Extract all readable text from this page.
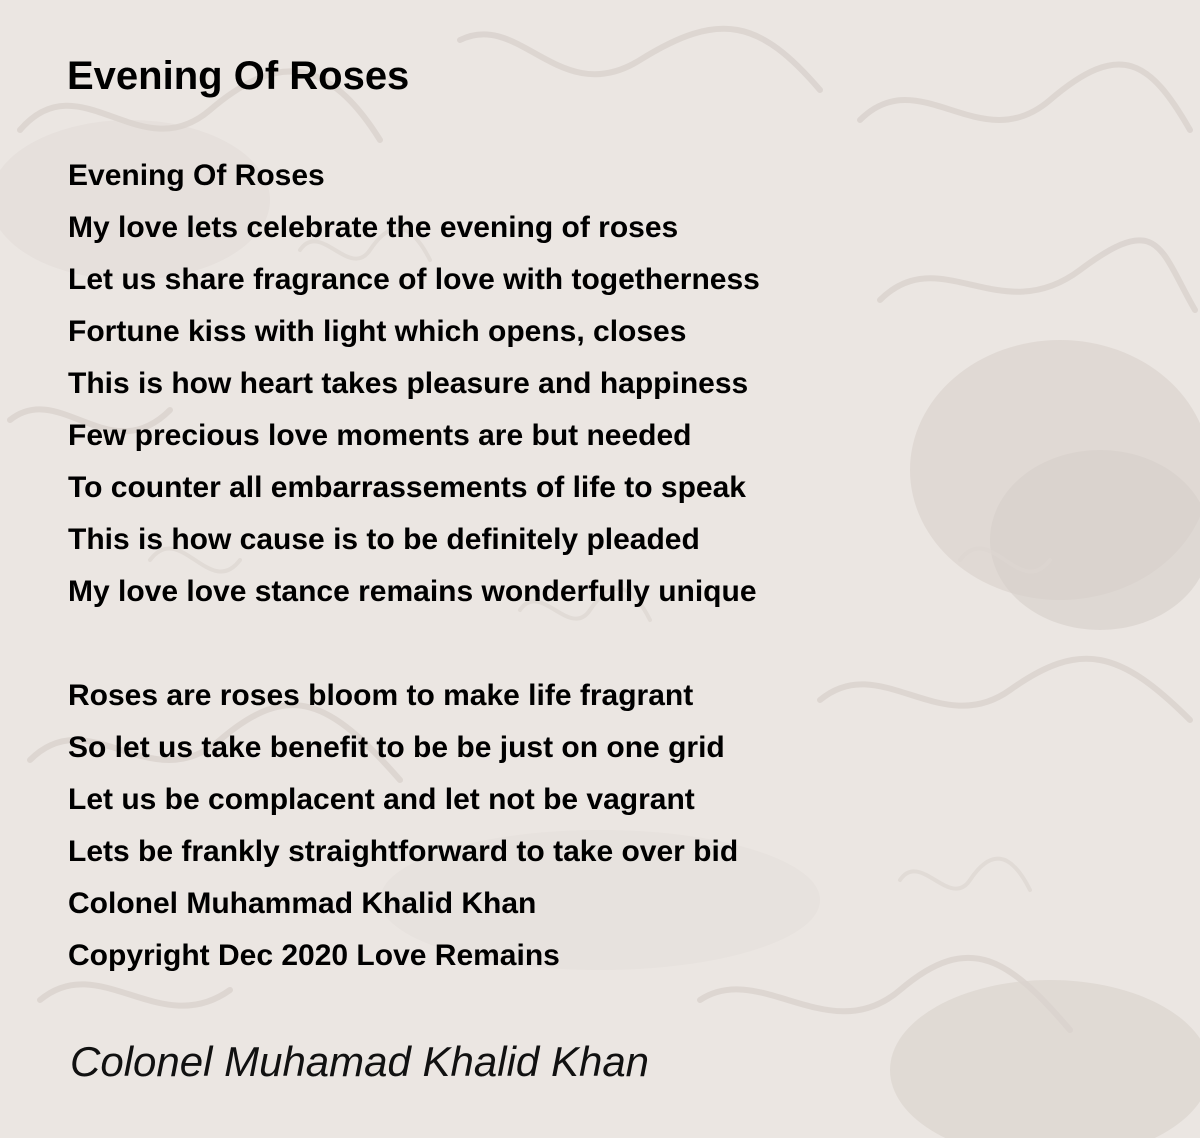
Evening Of Roses
Evening Of Roses
My love lets celebrate the evening of roses
Let us share fragrance of love with togetherness
Fortune kiss with light which opens, closes
This is how heart takes pleasure and happiness
Few precious love moments are but needed
To counter all embarrassements of life to speak
This is how cause is to be definitely pleaded
My love love stance remains wonderfully unique
Roses are roses bloom to make life fragrant
So let us take benefit to be be just on one grid
Let us be complacent and let not be vagrant
Lets be frankly straightforward to take over bid
Colonel Muhammad Khalid Khan
Copyright Dec 2020 Love Remains

Colonel Muhamad Khalid Khan
